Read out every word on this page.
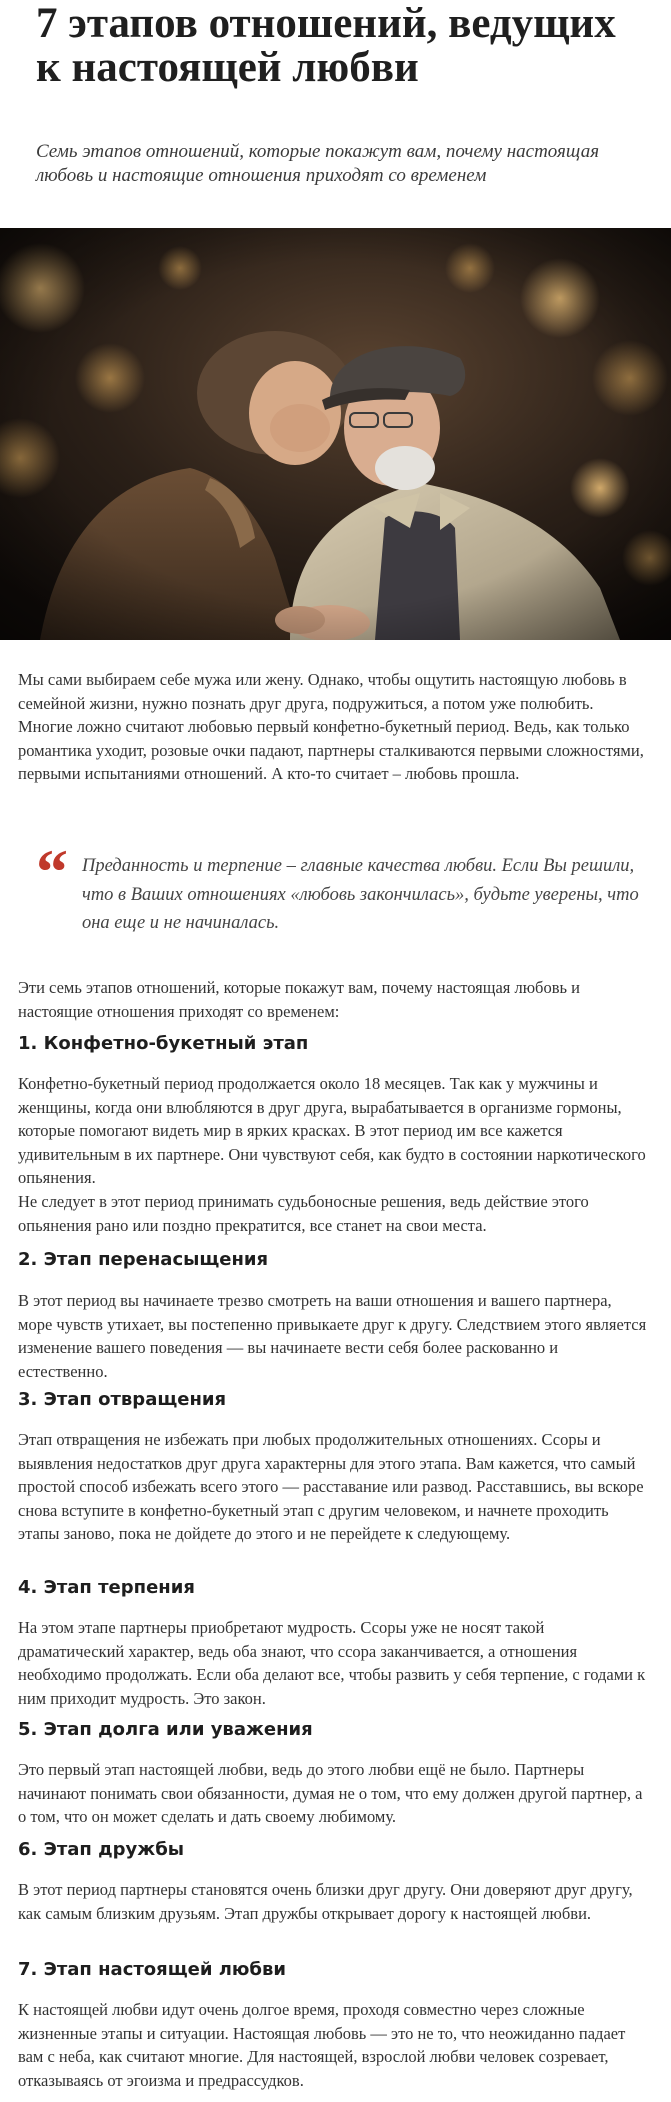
7 этапов отношений, ведущих к настоящей любви

Семь этапов отношений, которые покажут вам, почему настоящая любовь и настоящие отношения приходят со временем

Мы сами выбираем себе мужа или жену. Однако, чтобы ощутить настоящую любовь в семейной жизни, нужно познать друг друга, подружиться, а потом уже полюбить. Многие ложно считают любовью первый конфетно-букетный период. Ведь, как только романтика уходит, розовые очки падают, партнеры сталкиваются первыми сложностями, первыми испытаниями отношений. А кто-то считает – любовь прошла.

“ Преданность и терпение – главные качества любви. Если Вы решили, что в Ваших отношениях «любовь закончилась», будьте уверены, что она еще и не начиналась.

Эти семь этапов отношений, которые покажут вам, почему настоящая любовь и настоящие отношения приходят со временем:

1. Конфетно-букетный этап

Конфетно-букетный период продолжается около 18 месяцев. Так как у мужчины и женщины, когда они влюбляются в друг друга, вырабатывается в организме гормоны, которые помогают видеть мир в ярких красках. В этот период им все кажется удивительным в их партнере. Они чувствуют себя, как будто в состоянии наркотического опьянения.

Не следует в этот период принимать судьбоносные решения, ведь действие этого опьянения рано или поздно прекратится, все станет на свои места.

2. Этап перенасыщения

В этот период вы начинаете трезво смотреть на ваши отношения и вашего партнера, море чувств утихает, вы постепенно привыкаете друг к другу. Следствием этого является изменение вашего поведения — вы начинаете вести себя более раскованно и естественно.

3. Этап отвращения

Этап отвращения не избежать при любых продолжительных отношениях. Ссоры и выявления недостатков друг друга характерны для этого этапа. Вам кажется, что самый простой способ избежать всего этого — расставание или развод. Расставшись, вы вскоре снова вступите в конфетно-букетный этап с другим человеком, и начнете проходить этапы заново, пока не дойдете до этого и не перейдете к следующему.

4. Этап терпения

На этом этапе партнеры приобретают мудрость. Ссоры уже не носят такой драматический характер, ведь оба знают, что ссора заканчивается, а отношения необходимо продолжать. Если оба делают все, чтобы развить у себя терпение, с годами к ним приходит мудрость. Это закон.

5. Этап долга или уважения

Это первый этап настоящей любви, ведь до этого любви ещё не было. Партнеры начинают понимать свои обязанности, думая не о том, что ему должен другой партнер, а о том, что он может сделать и дать своему любимому.

6. Этап дружбы

В этот период партнеры становятся очень близки друг другу. Они доверяют друг другу, как самым близким друзьям. Этап дружбы открывает дорогу к настоящей любви.

7. Этап настоящей любви

К настоящей любви идут очень долгое время, проходя совместно через сложные жизненные этапы и ситуации. Настоящая любовь — это не то, что неожиданно падает вам с неба, как считают многие. Для настоящей, взрослой любви человек созревает, отказываясь от эгоизма и предрассудков.
